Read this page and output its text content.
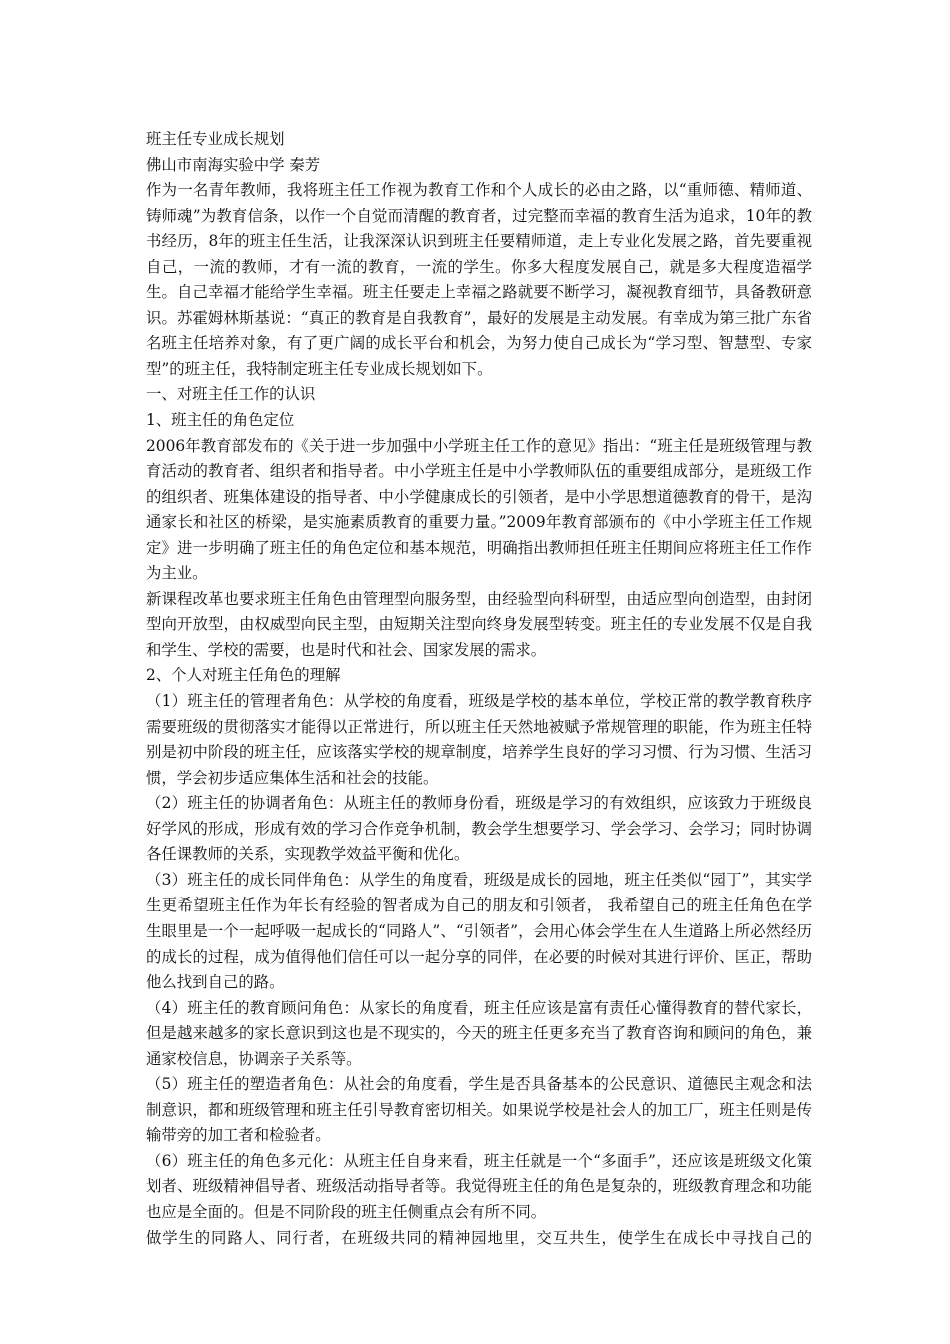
班主任专业成长规划

佛山市南海实验中学 秦芳

作为一名青年教师，我将班主任工作视为教育工作和个人成长的必由之路，以“重师德、精师道、铸师魂”为教育信条，以作一个自觉而清醒的教育者，过完整而幸福的教育生活为追求，10年的教书经历，8年的班主任生活，让我深深认识到班主任要精师道，走上专业化发展之路，首先要重视自己，一流的教师，才有一流的教育，一流的学生。你多大程度发展自己，就是多大程度造福学生。自己幸福才能给学生幸福。班主任要走上幸福之路就要不断学习，凝视教育细节，具备教研意识。苏霍姆林斯基说：“真正的教育是自我教育”，最好的发展是主动发展。有幸成为第三批广东省名班主任培养对象，有了更广阔的成长平台和机会，为努力使自己成长为“学习型、智慧型、专家型”的班主任，我特制定班主任专业成长规划如下。

一、对班主任工作的认识

1、班主任的角色定位

2006年教育部发布的《关于进一步加强中小学班主任工作的意见》指出：“班主任是班级管理与教育活动的教育者、组织者和指导者。中小学班主任是中小学教师队伍的重要组成部分，是班级工作的组织者、班集体建设的指导者、中小学健康成长的引领者，是中小学思想道德教育的骨干，是沟通家长和社区的桥梁，是实施素质教育的重要力量。”2009年教育部颁布的《中小学班主任工作规定》进一步明确了班主任的角色定位和基本规范，明确指出教师担任班主任期间应将班主任工作作为主业。

新课程改革也要求班主任角色由管理型向服务型，由经验型向科研型，由适应型向创造型，由封闭型向开放型，由权威型向民主型，由短期关注型向终身发展型转变。班主任的专业发展不仅是自我和学生、学校的需要，也是时代和社会、国家发展的需求。

2、个人对班主任角色的理解

（1）班主任的管理者角色：从学校的角度看，班级是学校的基本单位，学校正常的教学教育秩序需要班级的贯彻落实才能得以正常进行，所以班主任天然地被赋予常规管理的职能，作为班主任特别是初中阶段的班主任，应该落实学校的规章制度，培养学生良好的学习习惯、行为习惯、生活习惯，学会初步适应集体生活和社会的技能。

（2）班主任的协调者角色：从班主任的教师身份看，班级是学习的有效组织，应该致力于班级良好学风的形成，形成有效的学习合作竞争机制，教会学生想要学习、学会学习、会学习；同时协调各任课教师的关系，实现教学效益平衡和优化。

（3）班主任的成长同伴角色：从学生的角度看，班级是成长的园地，班主任类似“园丁”，其实学生更希望班主任作为年长有经验的智者成为自己的朋友和引领者， 我希望自己的班主任角色在学生眼里是一个一起呼吸一起成长的“同路人”、“引领者”，会用心体会学生在人生道路上所必然经历的成长的过程，成为值得他们信任可以一起分享的同伴，在必要的时候对其进行评价、匡正，帮助他么找到自己的路。

（4）班主任的教育顾问角色：从家长的角度看，班主任应该是富有责任心懂得教育的替代家长，但是越来越多的家长意识到这也是不现实的，今天的班主任更多充当了教育咨询和顾问的角色，兼通家校信息，协调亲子关系等。

（5）班主任的塑造者角色：从社会的角度看，学生是否具备基本的公民意识、道德民主观念和法制意识，都和班级管理和班主任引导教育密切相关。如果说学校是社会人的加工厂，班主任则是传输带旁的加工者和检验者。

（6）班主任的角色多元化：从班主任自身来看，班主任就是一个“多面手”，还应该是班级文化策划者、班级精神倡导者、班级活动指导者等。我觉得班主任的角色是复杂的，班级教育理念和功能也应是全面的。但是不同阶段的班主任侧重点会有所不同。

做学生的同路人、同行者，在班级共同的精神园地里，交互共生，使学生在成长中寻找自己的
